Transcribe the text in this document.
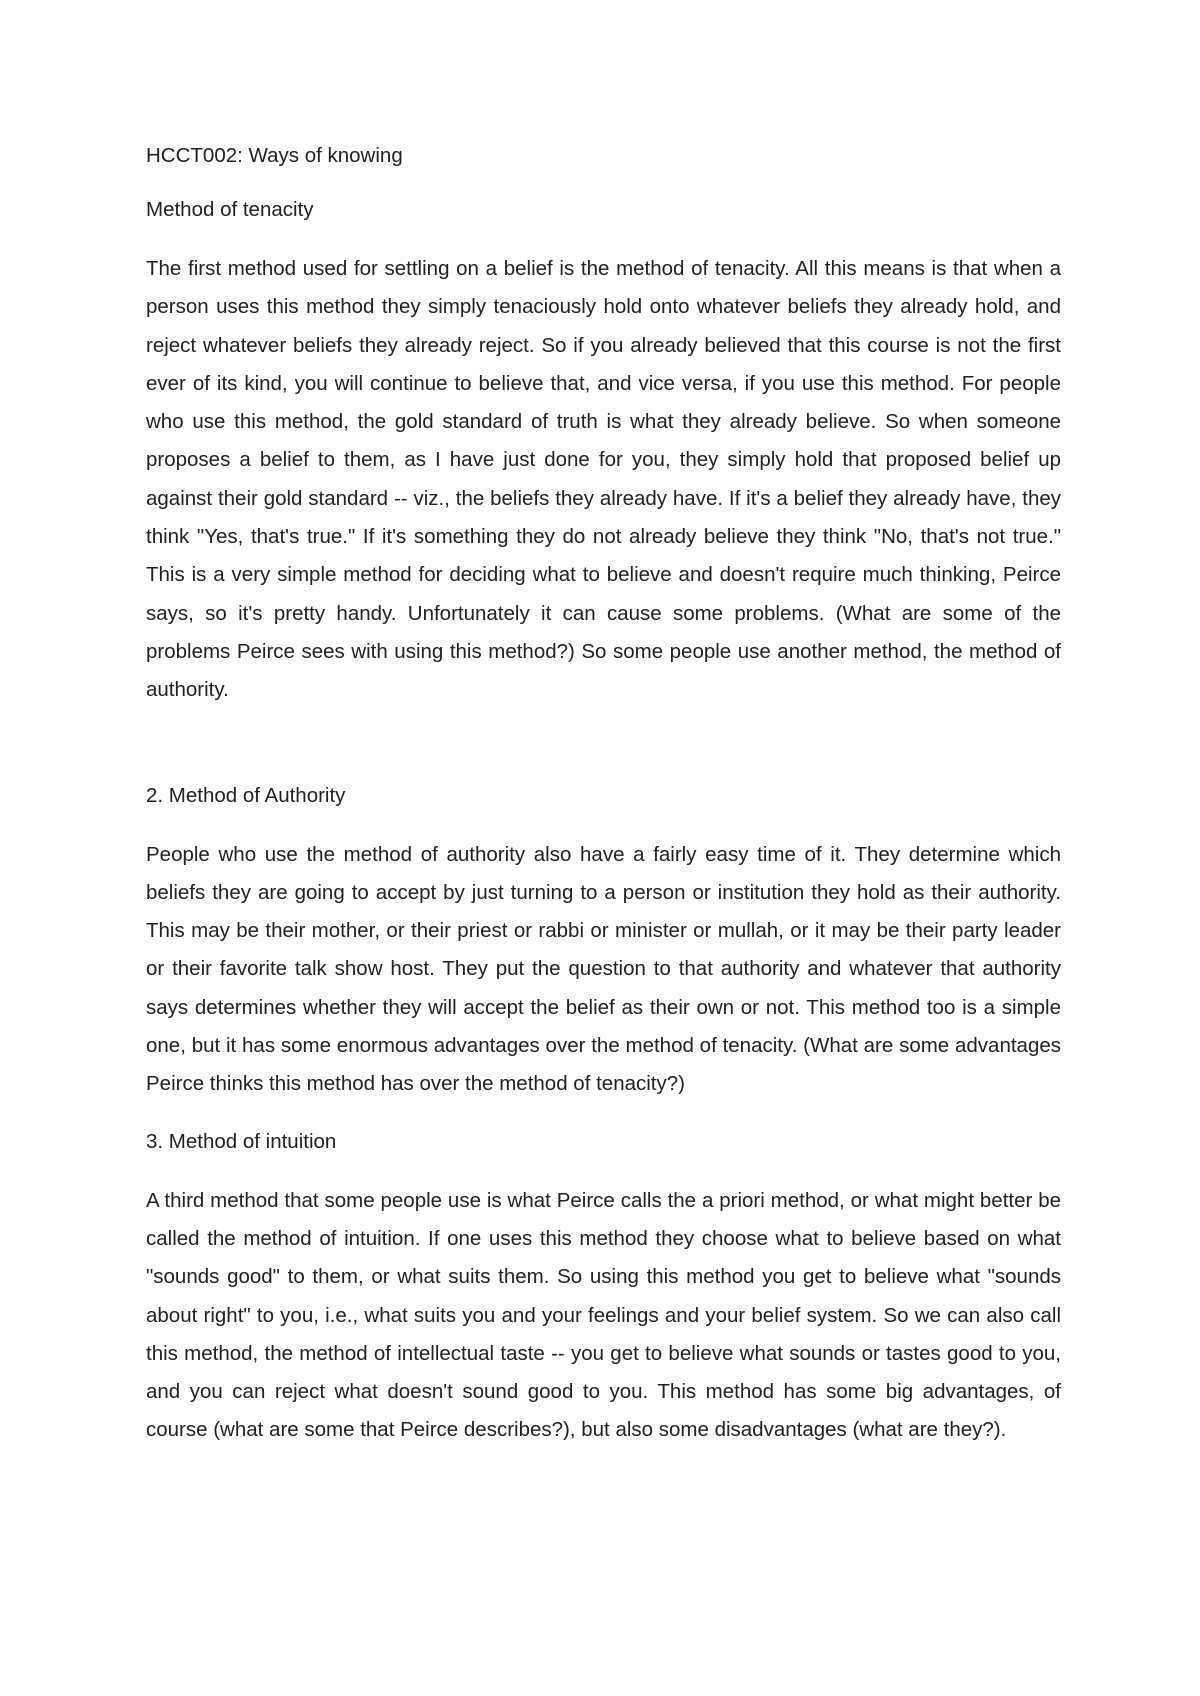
HCCT002: Ways of knowing

Method of tenacity

The first method used for settling on a belief is the method of tenacity. All this means is that when a person uses this method they simply tenaciously hold onto whatever beliefs they already hold, and reject whatever beliefs they already reject. So if you already believed that this course is not the first ever of its kind, you will continue to believe that, and vice versa, if you use this method. For people who use this method, the gold standard of truth is what they already believe. So when someone proposes a belief to them, as I have just done for you, they simply hold that proposed belief up against their gold standard -- viz., the beliefs they already have. If it's a belief they already have, they think "Yes, that's true." If it's something they do not already believe they think "No, that's not true." This is a very simple method for deciding what to believe and doesn't require much thinking, Peirce says, so it's pretty handy. Unfortunately it can cause some problems. (What are some of the problems Peirce sees with using this method?) So some people use another method, the method of authority.

2. Method of Authority

People who use the method of authority also have a fairly easy time of it. They determine which beliefs they are going to accept by just turning to a person or institution they hold as their authority. This may be their mother, or their priest or rabbi or minister or mullah, or it may be their party leader or their favorite talk show host. They put the question to that authority and whatever that authority says determines whether they will accept the belief as their own or not. This method too is a simple one, but it has some enormous advantages over the method of tenacity. (What are some advantages Peirce thinks this method has over the method of tenacity?)

3. Method of intuition

A third method that some people use is what Peirce calls the a priori method, or what might better be called the method of intuition. If one uses this method they choose what to believe based on what "sounds good" to them, or what suits them. So using this method you get to believe what "sounds about right" to you, i.e., what suits you and your feelings and your belief system. So we can also call this method, the method of intellectual taste -- you get to believe what sounds or tastes good to you, and you can reject what doesn't sound good to you. This method has some big advantages, of course (what are some that Peirce describes?), but also some disadvantages (what are they?).
